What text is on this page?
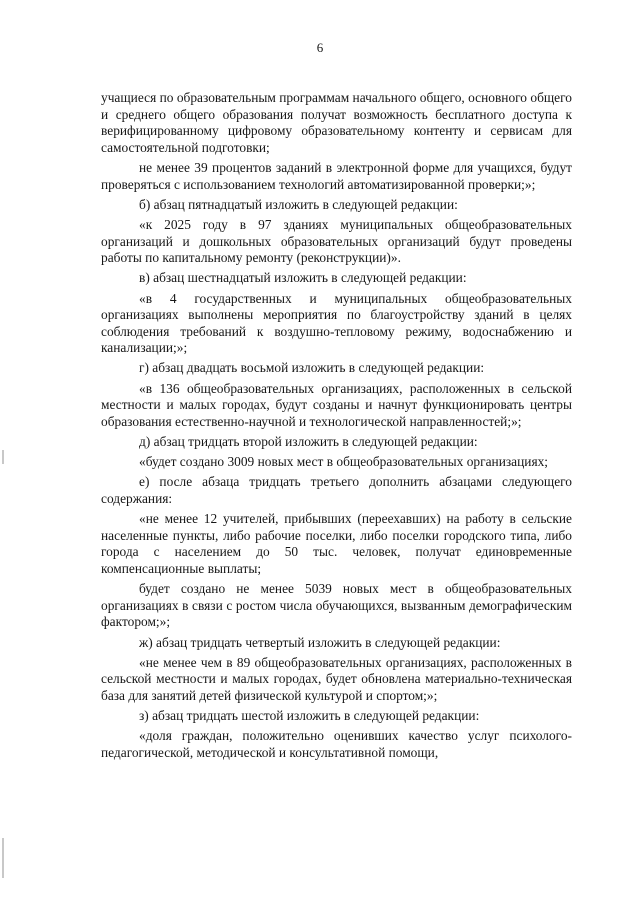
6

учащиеся по образовательным программам начального общего, основного общего и среднего общего образования получат возможность бесплатного доступа к верифицированному цифровому образовательному контенту и сервисам для самостоятельной подготовки;

не менее 39 процентов заданий в электронной форме для учащихся, будут проверяться с использованием технологий автоматизированной проверки;»;

б) абзац пятнадцатый изложить в следующей редакции:

«к 2025 году в 97 зданиях муниципальных общеобразовательных организаций и дошкольных образовательных организаций будут проведены работы по капитальному ремонту (реконструкции)».

в) абзац шестнадцатый изложить в следующей редакции:

«в 4 государственных и муниципальных общеобразовательных организациях выполнены мероприятия по благоустройству зданий в целях соблюдения требований к воздушно-тепловому режиму, водоснабжению и канализации;»;

г) абзац двадцать восьмой изложить в следующей редакции:

«в 136 общеобразовательных организациях, расположенных в сельской местности и малых городах, будут созданы и начнут функционировать центры образования естественно-научной и технологической направленностей;»;

д) абзац тридцать второй изложить в следующей редакции:

«будет создано 3009 новых мест в общеобразовательных организациях;

е) после абзаца тридцать третьего дополнить абзацами следующего содержания:

«не менее 12 учителей, прибывших (переехавших) на работу в сельские населенные пункты, либо рабочие поселки, либо поселки городского типа, либо города с населением до 50 тыс. человек, получат единовременные компенсационные выплаты;

будет создано не менее 5039 новых мест в общеобразовательных организациях в связи с ростом числа обучающихся, вызванным демографическим фактором;»;

ж) абзац тридцать четвертый изложить в следующей редакции:

«не менее чем в 89 общеобразовательных организациях, расположенных в сельской местности и малых городах, будет обновлена материально-техническая база для занятий детей физической культурой и спортом;»;

з) абзац тридцать шестой изложить в следующей редакции:

«доля граждан, положительно оценивших качество услуг психолого-педагогической, методической и консультативной помощи,
